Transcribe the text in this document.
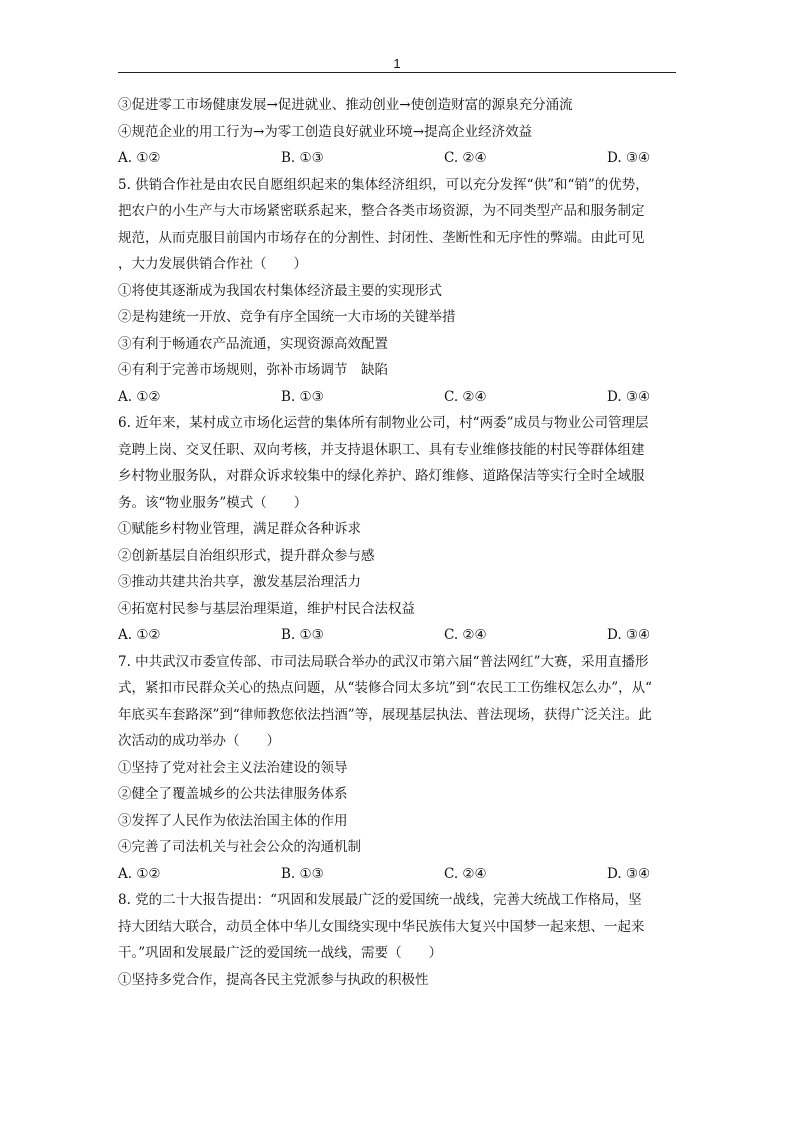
1
③促进零工市场健康发展→促进就业、推动创业→使创造财富的源泉充分涌流
④规范企业的用工行为→为零工创造良好就业环境→提高企业经济效益
A. ①②	B. ①③	C. ②④	D. ③④
5. 供销合作社是由农民自愿组织起来的集体经济组织，可以充分发挥“供”和“销”的优势，
把农户的小生产与大市场紧密联系起来，整合各类市场资源，为不同类型产品和服务制定
规范，从而克服目前国内市场存在的分割性、封闭性、垄断性和无序性的弊端。由此可见
，大力发展供销合作社（　　）
①将使其逐渐成为我国农村集体经济最主要的实现形式
②是构建统一开放、竞争有序全国统一大市场的关键举措
③有利于畅通农产品流通，实现资源高效配置
④有利于完善市场规则，弥补市场调节　缺陷
A. ①②	B. ①③	C. ②④	D. ③④
6. 近年来，某村成立市场化运营的集体所有制物业公司，村“两委”成员与物业公司管理层
竞聘上岗、交叉任职、双向考核，并支持退休职工、具有专业维修技能的村民等群体组建
乡村物业服务队，对群众诉求较集中的绿化养护、路灯维修、道路保洁等实行全时全域服
务。该“物业服务”模式（　　）
①赋能乡村物业管理，满足群众各种诉求
②创新基层自治组织形式，提升群众参与感
③推动共建共治共享，激发基层治理活力
④拓宽村民参与基层治理渠道，维护村民合法权益
A. ①②	B. ①③	C. ②④	D. ③④
7. 中共武汉市委宣传部、市司法局联合举办的武汉市第六届“普法网红”大赛，采用直播形
式，紧扣市民群众关心的热点问题，从“装修合同太多坑”到“农民工工伤维权怎么办”，从“
年底买车套路深”到“律师教您依法挡酒”等，展现基层执法、普法现场，获得广泛关注。此
次活动的成功举办（　　）
①坚持了党对社会主义法治建设的领导
②健全了覆盖城乡的公共法律服务体系
③发挥了人民作为依法治国主体的作用
④完善了司法机关与社会公众的沟通机制
A. ①②	B. ①③	C. ②④	D. ③④
8. 党的二十大报告提出：“巩固和发展最广泛的爱国统一战线，完善大统战工作格局，坚
持大团结大联合，动员全体中华儿女围绕实现中华民族伟大复兴中国梦一起来想、一起来
干。”巩固和发展最广泛的爱国统一战线，需要（　　）
①坚持多党合作，提高各民主党派参与执政的积极性
